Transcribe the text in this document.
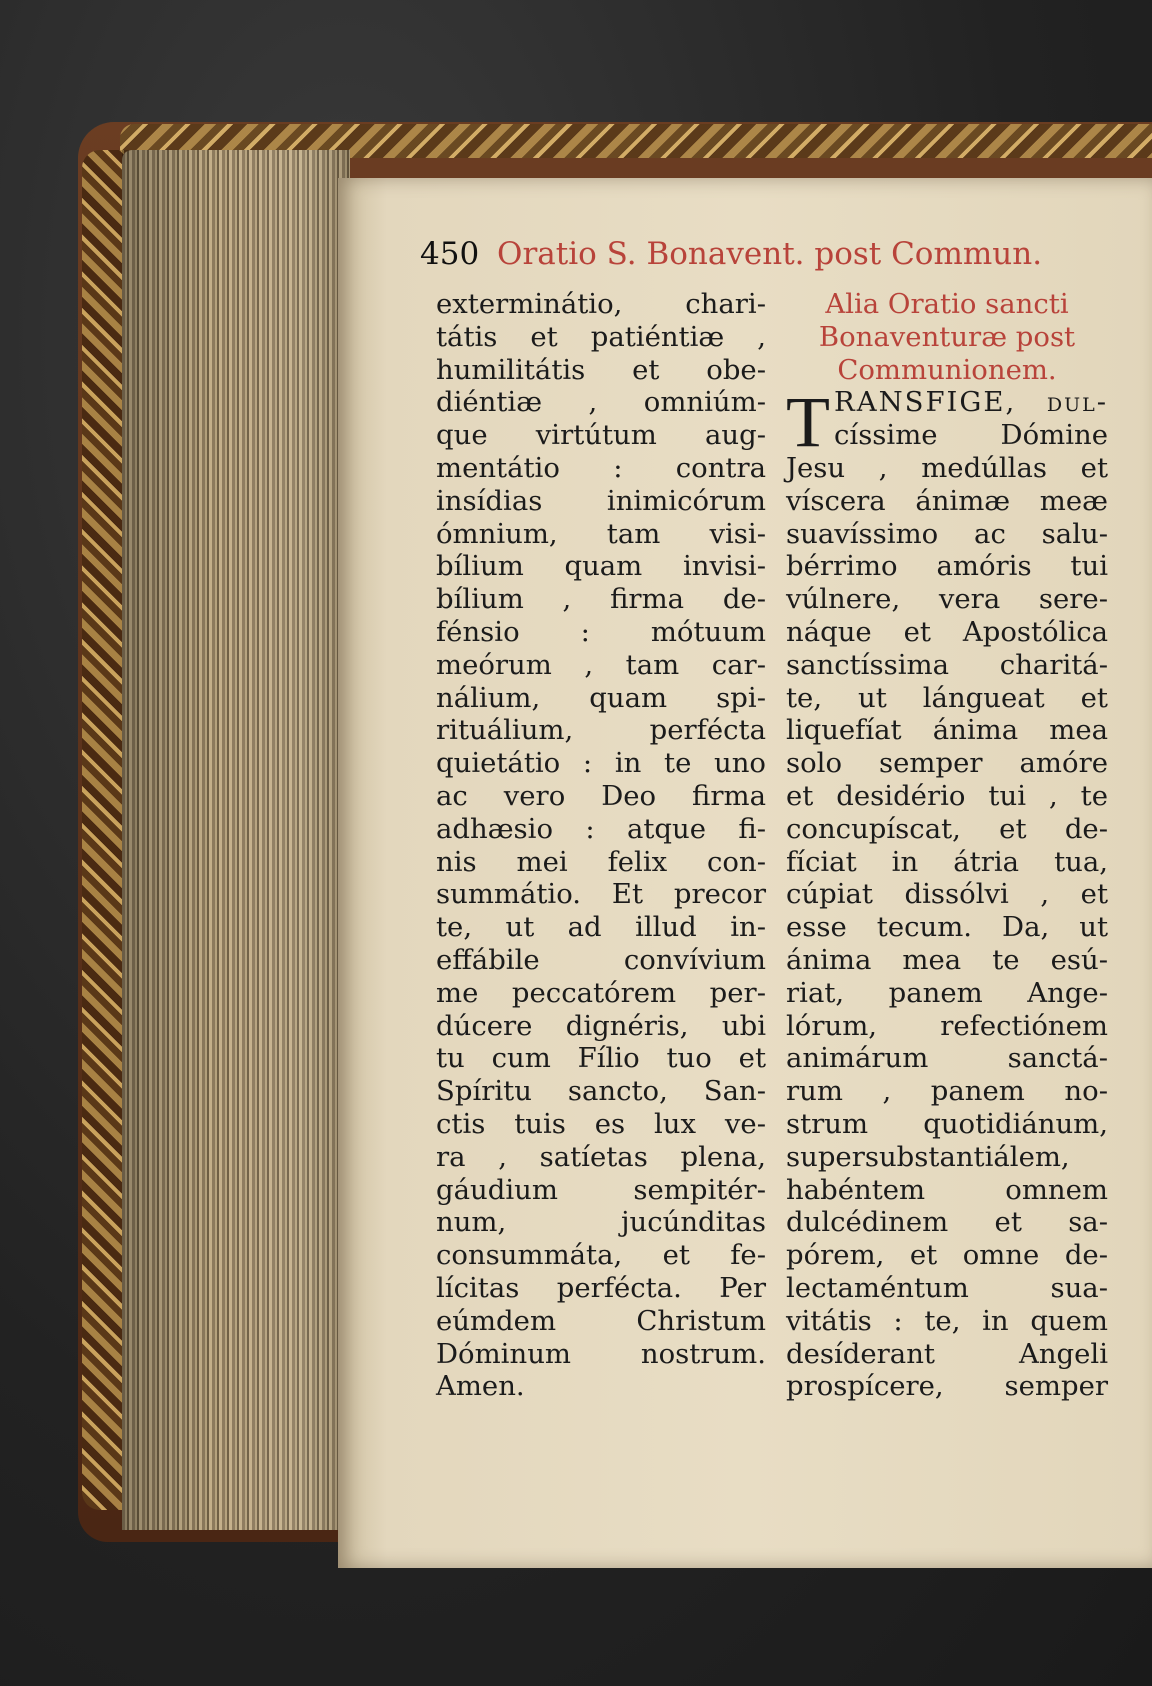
450 Oratio S. Bonavent. post Commun.
exterminátio, chari-
tátis et patiéntiæ ,
humilitátis et obe-
diéntiæ , omniúm-
que virtútum aug-
mentátio : contra
insídias inimicórum
ómnium, tam visi-
bílium quam invisi-
bílium , firma de-
fénsio : mótuum
meórum , tam car-
nálium, quam spi-
rituálium, perfécta
quietátio : in te uno
ac vero Deo firma
adhæsio : atque fi-
nis mei felix con-
summátio. Et precor
te, ut ad illud in-
effábile convívium
me peccatórem per-
dúcere dignéris, ubi
tu cum Fílio tuo et
Spíritu sancto, San-
ctis tuis es lux ve-
ra , satíetas plena,
gáudium sempitér-
num, jucúnditas
consummáta, et fe-
lícitas perfécta. Per
eúmdem Christum
Dóminum nostrum.
Amen.
Alia Oratio sancti
Bonaventuræ post
Communionem.
T RANSFIGE, dul-
císsime Dómine
Jesu , medúllas et
víscera ánimæ meæ
suavíssimo ac salu-
bérrimo amóris tui
vúlnere, vera sere-
náque et Apostólica
sanctíssima charitá-
te, ut lángueat et
liquefíat ánima mea
solo semper amóre
et desidério tui , te
concupíscat, et de-
fíciat in átria tua,
cúpiat dissólvi , et
esse tecum. Da, ut
ánima mea te esú-
riat, panem Ange-
lórum, refectiónem
animárum sanctá-
rum , panem no-
strum quotidiánum,
supersubstantiálem,
habéntem omnem
dulcédinem et sa-
pórem, et omne de-
lectaméntum sua-
vitátis : te, in quem
desíderant Angeli
prospícere, semper
